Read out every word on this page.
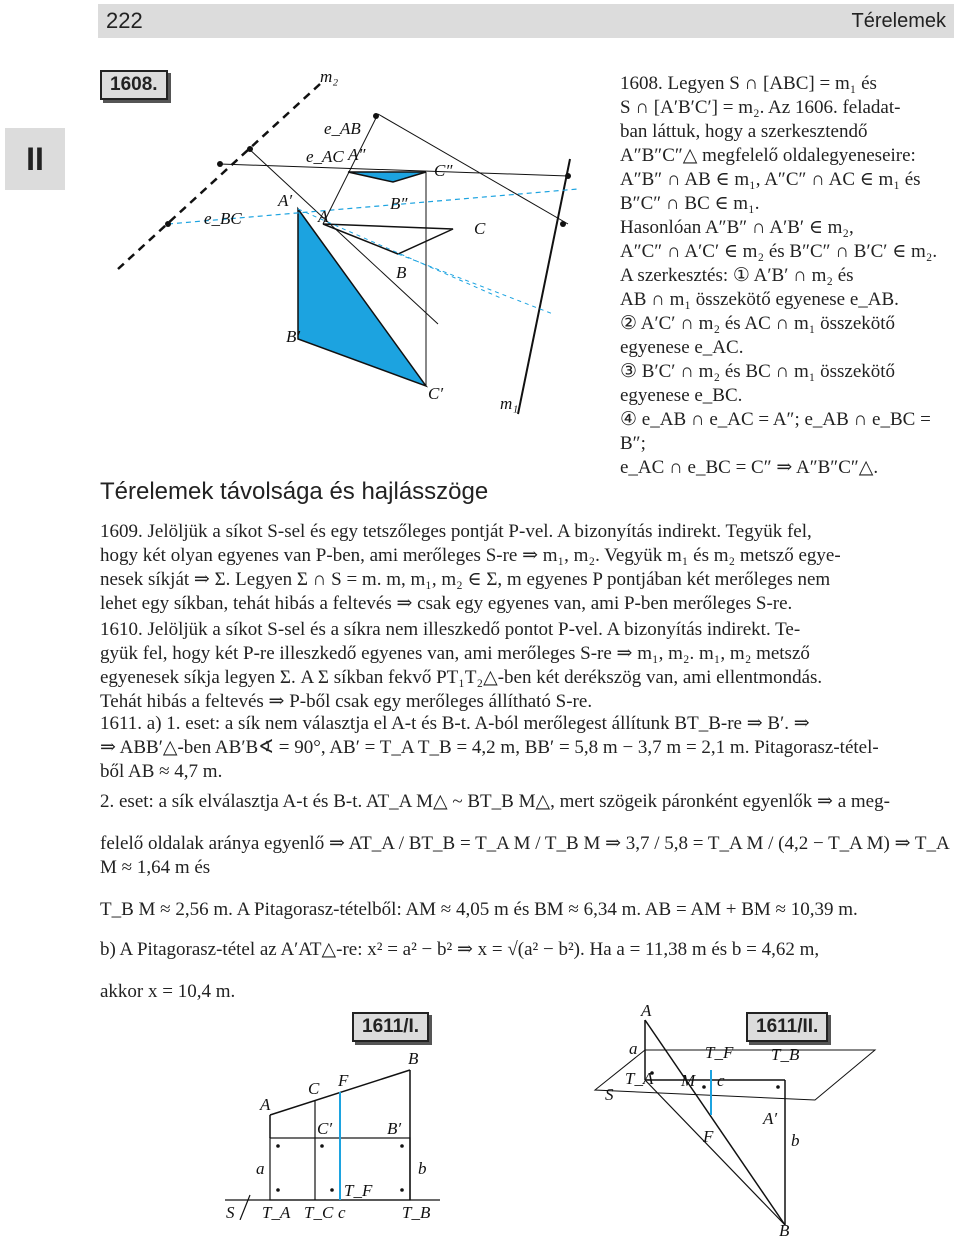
222	Térelemek
II
1608.	m₂
e_AB
e_AC
e_BC
A″
B″
C″
A′
A
B
C
B′
C′
m₁

1608. Legyen S ∩ [ABC] = m₁ és

S ∩ [A′B′C′] = m₂. Az 1606. feladat-

ban láttuk, hogy a szerkesztendő

A″B″C″△ megfelelő oldalegyeneseire:

A″B″ ∩ AB ∈ m₁, A″C″ ∩ AC ∈ m₁ és

B″C″ ∩ BC ∈ m₁.

Hasonlóan A″B″ ∩ A′B′ ∈ m₂,

A″C″ ∩ A′C′ ∈ m₂ és B″C″ ∩ B′C′ ∈ m₂.

A szerkesztés: ① A′B′ ∩ m₂ és

AB ∩ m₁ összekötő egyenese e_AB.

② A′C′ ∩ m₂ és AC ∩ m₁ összekötő

egyenese e_AC.

③ B′C′ ∩ m₂ és BC ∩ m₁ összekötő

egyenese e_BC.

④ e_AB ∩ e_AC = A″; e_AB ∩ e_BC = B″;

e_AC ∩ e_BC = C″ ⇒ A″B″C″△.

Térelemek távolsága és hajlásszöge
1609. Jelöljük a síkot S-sel és egy tetszőleges pontját P-vel. A bizonyítás indirekt. Tegyük fel,
hogy két olyan egyenes van P-ben, ami merőleges S-re ⇒ m₁, m₂. Vegyük m₁ és m₂ metsző egye-
nesek síkját ⇒ Σ. Legyen Σ ∩ S = m. m, m₁, m₂ ∈ Σ, m egyenes P pontjában két merőleges nem
lehet egy síkban, tehát hibás a feltevés ⇒ csak egy egyenes van, ami P-ben merőleges S-re.
1610. Jelöljük a síkot S-sel és a síkra nem illeszkedő pontot P-vel. A bizonyítás indirekt. Te-
gyük fel, hogy két P-re illeszkedő egyenes van, ami merőleges S-re ⇒ m₁, m₂. m₁, m₂ metsző
egyenesek síkja legyen Σ. A Σ síkban fekvő PT₁T₂△-ben két derékszög van, ami ellentmondás.
Tehát hibás a feltevés ⇒ P-ből csak egy merőleges állítható S-re.
1611. a) 1. eset: a sík nem választja el A-t és B-t. A-ból merőlegest állítunk BT_B-re ⇒ B′. ⇒
⇒ ABB′△-ben AB′B∢ = 90°, AB′ = T_A T_B = 4,2 m, BB′ = 5,8 m − 3,7 m = 2,1 m. Pitagorasz-tétel-
ből AB ≈ 4,7 m.
2. eset: a sík elválasztja A-t és B-t. AT_A M△ ~ BT_B M△, mert szögeik páronként egyenlők ⇒ a meg-
felelő oldalak aránya egyenlő ⇒ AT_A / BT_B = T_A M / T_B M ⇒ 3,7 / 5,8 = T_A M / (4,2 − T_A M) ⇒ T_A M ≈ 1,64 m és
T_B M ≈ 2,56 m. A Pitagorasz-tételből: AM ≈ 4,05 m és BM ≈ 6,34 m. AB = AM + BM ≈ 10,39 m.
b) A Pitagorasz-tétel az A′AT△-re: x² = a² − b² ⇒ x = √(a² − b²). Ha a = 11,38 m és b = 4,62 m,
akkor x = 10,4 m.
1611/I.
A
C F
B
C′	B′
a	b
T_F
S T_A T_C c	T_B
1611/II.
A
a	T_F T_B
T_A M c
S
A′
F	b
B
